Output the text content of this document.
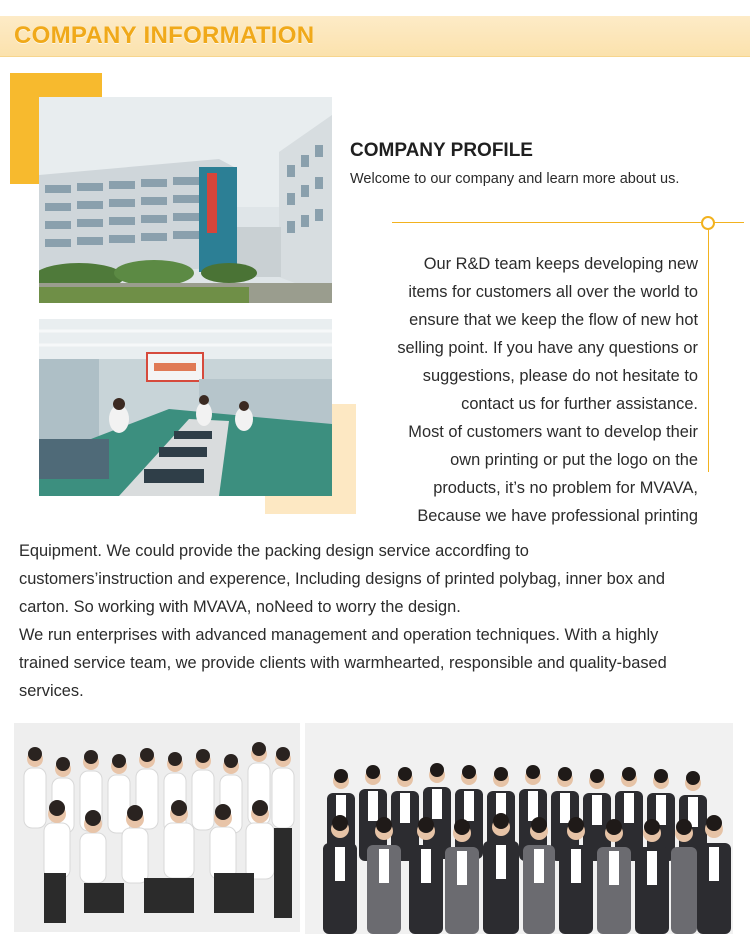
COMPANY INFORMATION
COMPANY PROFILE
Welcome to our company and learn more about us.
Our R&D team keeps developing new
items for customers all over the world to
ensure that we keep the flow of new hot
selling point. If you have any questions or
suggestions, please do not hesitate to
contact us for further assistance.
Most of customers want to develop their
own printing or put the logo on the
products, it’s no problem for MVAVA,
Because we have professional printing
Equipment. We could provide the packing design service accordfing to
customers’instruction and experence, Including designs of printed polybag, inner box and
carton. So working with MVAVA, noNeed to worry the design.
We run enterprises with advanced management and operation techniques. With a highly
trained service team, we provide clients with warmhearted, responsible and quality-based
services.
